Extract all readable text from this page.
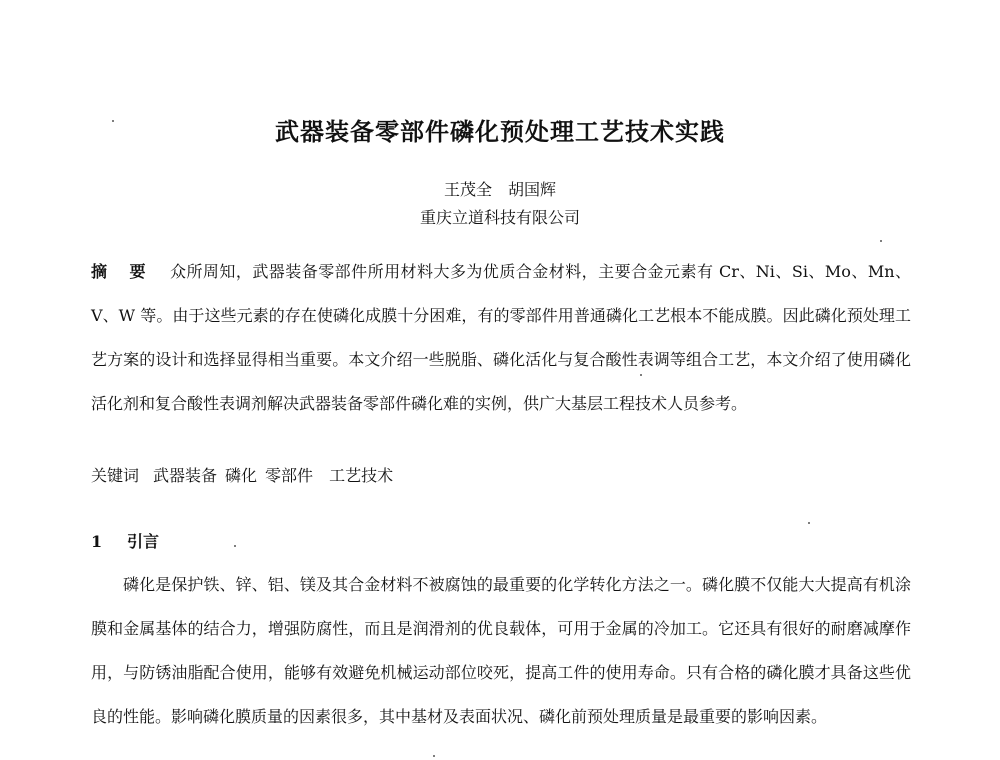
武器装备零部件磷化预处理工艺技术实践
王茂全　胡国辉
重庆立道科技有限公司
摘 要 众所周知，武器装备零部件所用材料大多为优质合金材料，主要合金元素有 Cr、Ni、Si、Mo、Mn、V、W 等。由于这些元素的存在使磷化成膜十分困难，有的零部件用普通磷化工艺根本不能成膜。因此磷化预处理工艺方案的设计和选择显得相当重要。本文介绍一些脱脂、磷化活化与复合酸性表调等组合工艺，本文介绍了使用磷化活化剂和复合酸性表调剂解决武器装备零部件磷化难的实例，供广大基层工程技术人员参考。
关键词 武器装备 磷化 零部件 工艺技术
1 引言
磷化是保护铁、锌、铝、镁及其合金材料不被腐蚀的最重要的化学转化方法之一。磷化膜不仅能大大提高有机涂膜和金属基体的结合力，增强防腐性，而且是润滑剂的优良载体，可用于金属的冷加工。它还具有很好的耐磨减摩作用，与防锈油脂配合使用，能够有效避免机械运动部位咬死，提高工件的使用寿命。只有合格的磷化膜才具备这些优良的性能。影响磷化膜质量的因素很多，其中基材及表面状况、磷化前预处理质量是最重要的影响因素。
